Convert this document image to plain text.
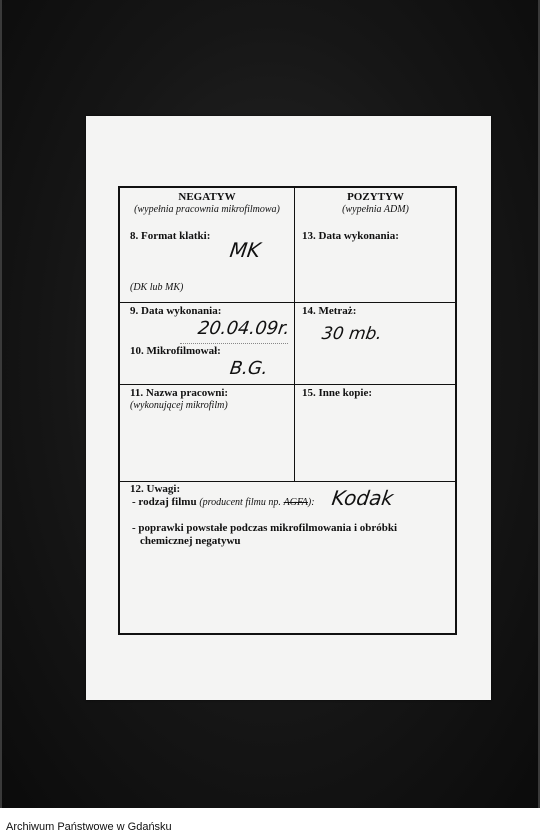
NEGATYW
(wypełnia pracownia mikrofilmowa)
POZYTYW
(wypełnia ADM)
8. Format klatki:
MK
(DK lub MK)
13. Data wykonania:
9. Data wykonania:
20.04.09r.
10. Mikrofilmował:
B.G.
14. Metraż:
30 mb.
11. Nazwa pracowni:
(wykonującej mikrofilm)
15. Inne kopie:
12. Uwagi:
- rodzaj filmu (producent filmu np. AGFA): Kodak
- poprawki powstałe podczas mikrofilmowania i obróbki
chemicznej negatywu
Archiwum Państwowe w Gdańsku
